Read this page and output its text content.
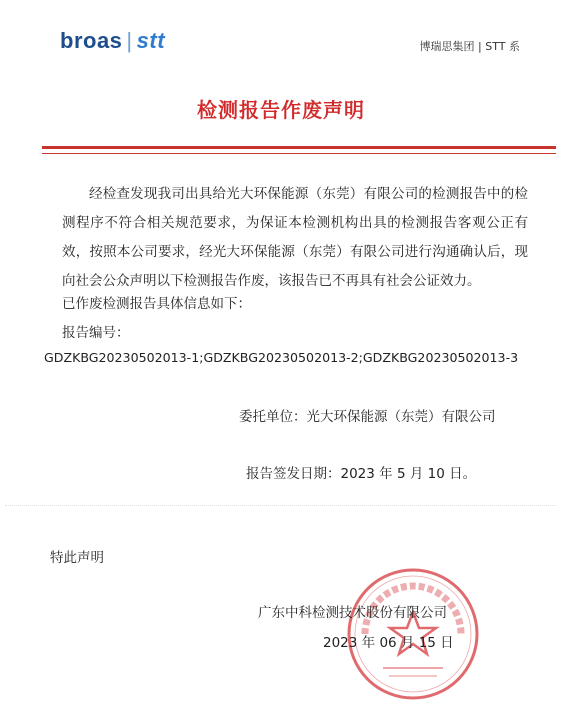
broas | stt	博瑞思集团 | STT 系
检测报告作废声明
经检查发现我司出具给光大环保能源（东莞）有限公司的检测报告中的检测程序不符合相关规范要求，为保证本检测机构出具的检测报告客观公正有效，按照本公司要求，经光大环保能源（东莞）有限公司进行沟通确认后，现向社会公众声明以下检测报告作废，该报告已不再具有社会公证效力。
已作废检测报告具体信息如下：
报告编号：
GDZKBG20230502013-1;GDZKBG20230502013-2;GDZKBG20230502013-3
委托单位：光大环保能源（东莞）有限公司
报告签发日期：2023 年 5 月 10 日。
特此声明
广东中科检测技术股份有限公司
2023 年 06 月 15 日
